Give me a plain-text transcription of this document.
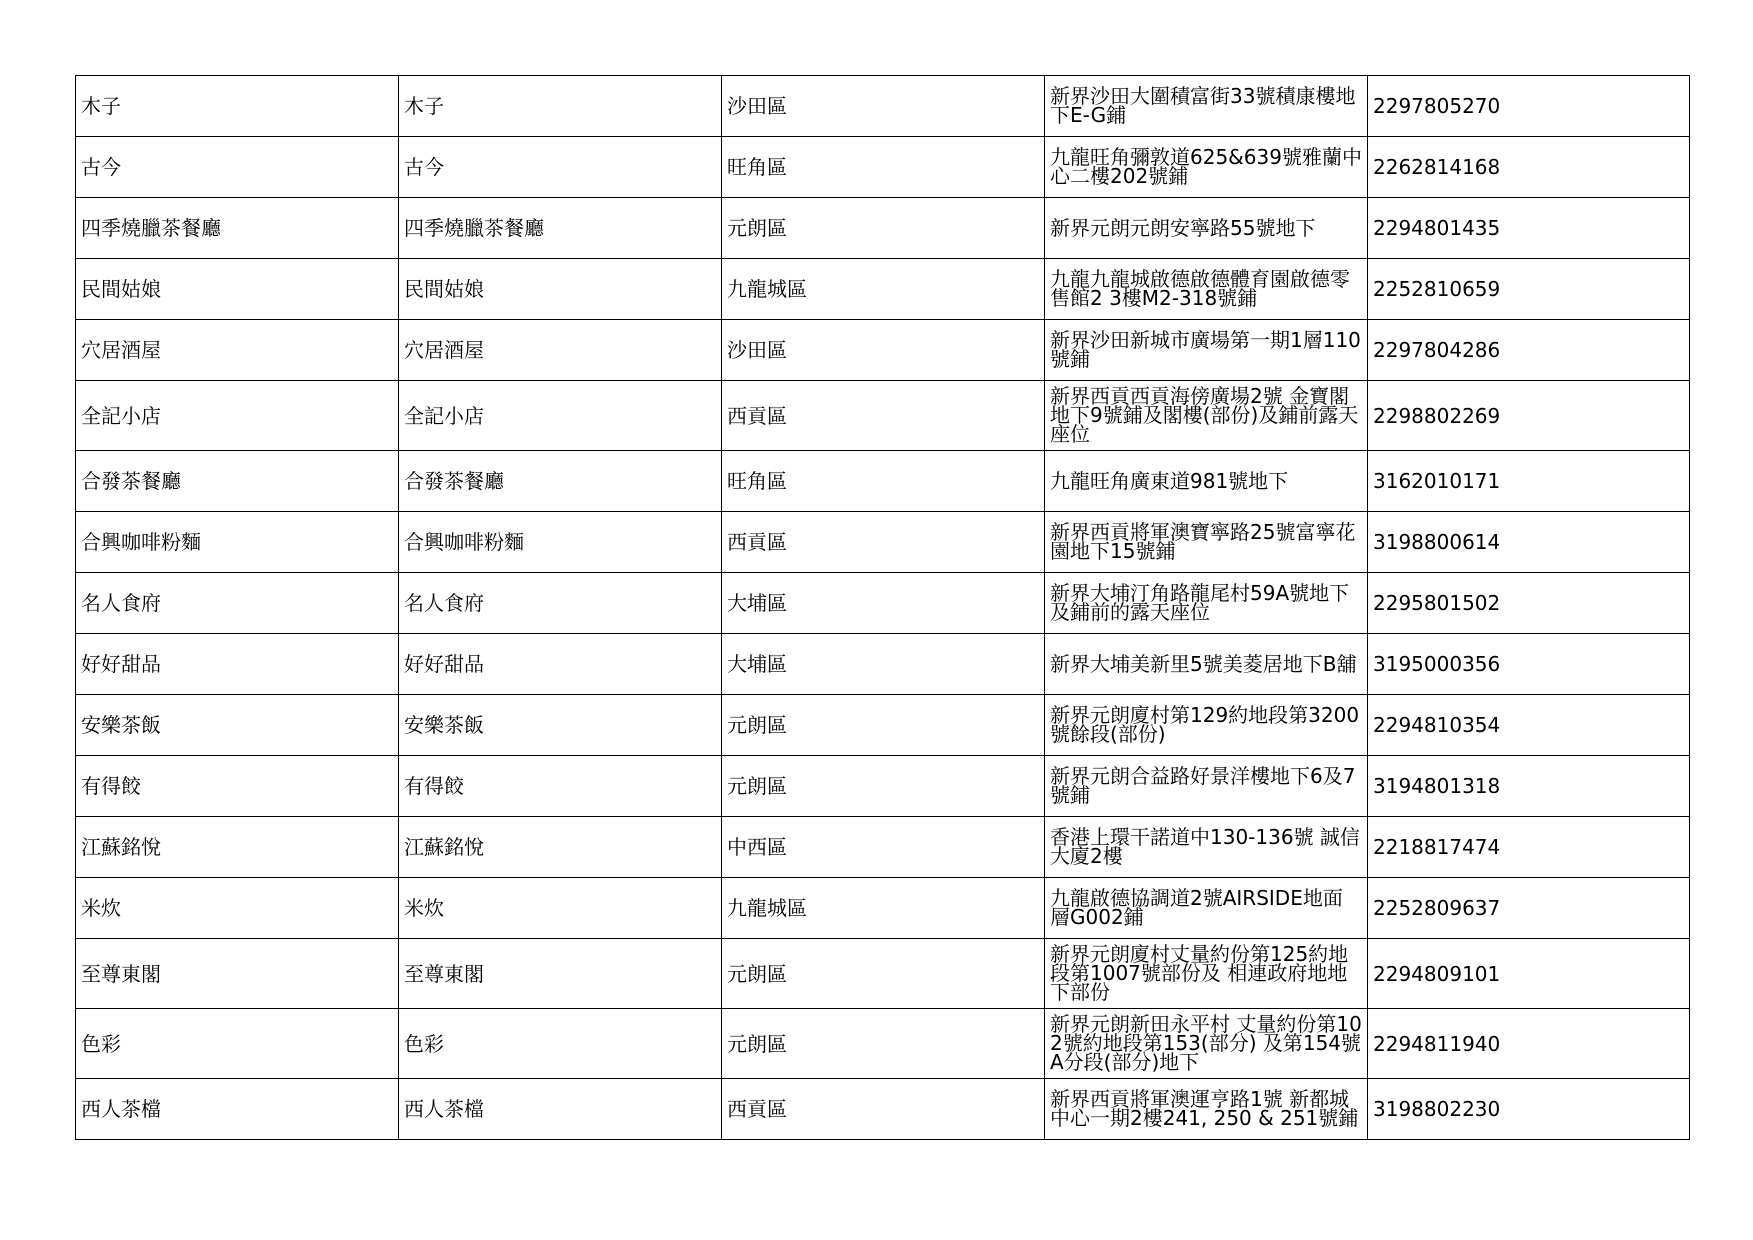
木子	木子	沙田區	新界沙田大圍積富街33號積康樓地下E-G鋪	2297805270
古今	古今	旺角區	九龍旺角彌敦道625&639號雅蘭中心二樓202號鋪	2262814168
四季燒臘茶餐廳	四季燒臘茶餐廳	元朗區	新界元朗元朗安寧路55號地下	2294801435
民間姑娘	民間姑娘	九龍城區	九龍九龍城啟德啟德體育園啟德零售館2 3樓M2-318號鋪	2252810659
穴居酒屋	穴居酒屋	沙田區	新界沙田新城市廣場第一期1層110號鋪	2297804286
全記小店	全記小店	西貢區	新界西貢西貢海傍廣場2號 金寶閣地下9號鋪及閣樓(部份)及鋪前露天座位	2298802269
合發茶餐廳	合發茶餐廳	旺角區	九龍旺角廣東道981號地下	3162010171
合興咖啡粉麵	合興咖啡粉麵	西貢區	新界西貢將軍澳寶寧路25號富寧花園地下15號鋪	3198800614
名人食府	名人食府	大埔區	新界大埔汀角路龍尾村59A號地下及鋪前的露天座位	2295801502
好好甜品	好好甜品	大埔區	新界大埔美新里5號美菱居地下B舖	3195000356
安樂茶飯	安樂茶飯	元朗區	新界元朗廈村第129約地段第3200號餘段(部份)	2294810354
有得餃	有得餃	元朗區	新界元朗合益路好景洋樓地下6及7號鋪	3194801318
江蘇銘悅	江蘇銘悅	中西區	香港上環干諾道中130-136號 誠信大廈2樓	2218817474
米炊	米炊	九龍城區	九龍啟德協調道2號AIRSIDE地面層G002鋪	2252809637
至尊東閣	至尊東閣	元朗區	新界元朗廈村丈量約份第125約地段第1007號部份及 相連政府地地下部份	2294809101
色彩	色彩	元朗區	新界元朗新田永平村 丈量約份第102號約地段第153(部分) 及第154號A分段(部分)地下	2294811940
西人茶檔	西人茶檔	西貢區	新界西貢將軍澳運亨路1號 新都城中心一期2樓241, 250 & 251號鋪	3198802230
